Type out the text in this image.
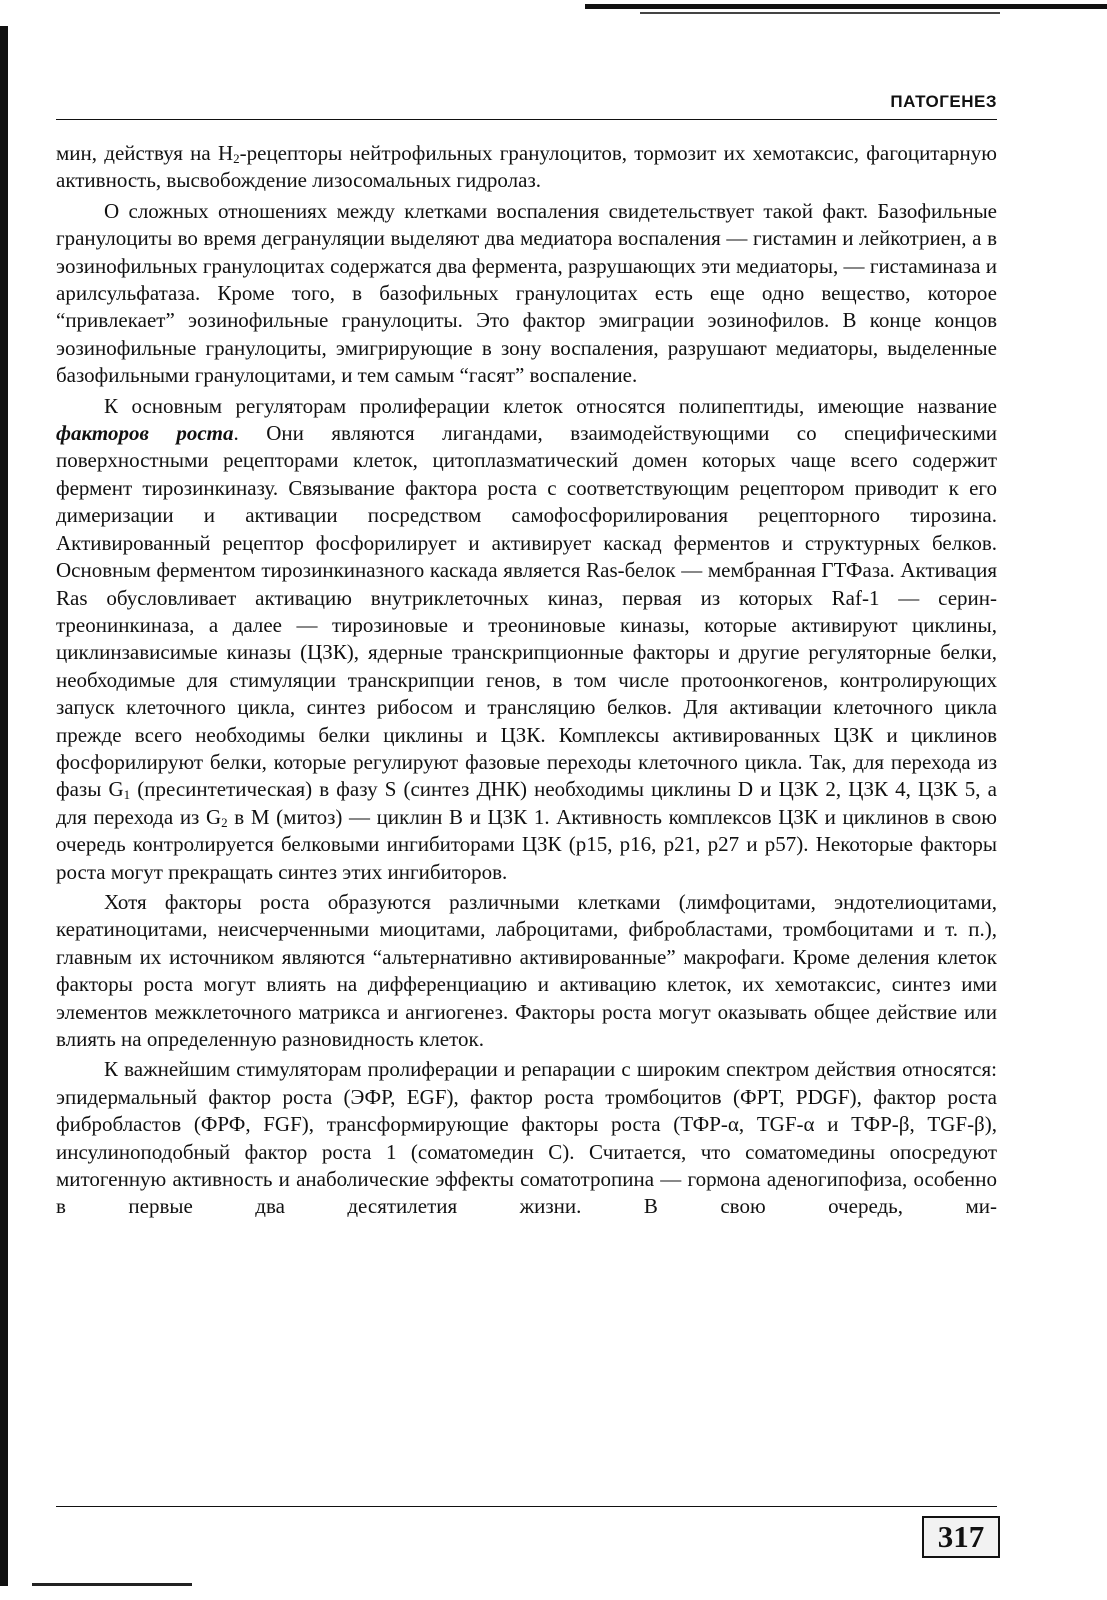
ПАТОГЕНЕЗ

мин, действуя на $H_2$-рецепторы нейтрофильных гранулоцитов, тормозит их хемотаксис, фагоцитарную активность, высвобождение лизосомальных гидролаз.

О сложных отношениях между клетками воспаления свидетельствует такой факт. Базофильные гранулоциты во время дегрануляции выделяют два медиатора воспаления — гистамин и лейкотриен, а в эозинофильных гранулоцитах содержатся два фермента, разрушающих эти медиаторы, — гистаминаза и арилсульфатаза. Кроме того, в базофильных гранулоцитах есть еще одно вещество, которое “привлекает” эозинофильные гранулоциты. Это фактор эмиграции эозинофилов. В конце концов эозинофильные гранулоциты, эмигрирующие в зону воспаления, разрушают медиаторы, выделенные базофильными гранулоцитами, и тем самым “гасят” воспаление.

К основным регуляторам пролиферации клеток относятся полипептиды, имеющие название факторов роста. Они являются лигандами, взаимодействующими со специфическими поверхностными рецепторами клеток, цитоплазматический домен которых чаще всего содержит фермент тирозинкиназу. Связывание фактора роста с соответствующим рецептором приводит к его димеризации и активации посредством самофосфорилирования рецепторного тирозина. Активированный рецептор фосфорилирует и активирует каскад ферментов и структурных белков. Основным ферментом тирозинкиназного каскада является Ras-белок — мембранная ГТФаза. Активация Ras обусловливает активацию внутриклеточных киназ, первая из которых Raf-1 — серин-треонинкиназа, а далее — тирозиновые и треониновые киназы, которые активируют циклины, циклинзависимые киназы (ЦЗК), ядерные транскрипционные факторы и другие регуляторные белки, необходимые для стимуляции транскрипции генов, в том числе протоонкогенов, контролирующих запуск клеточного цикла, синтез рибосом и трансляцию белков. Для активации клеточного цикла прежде всего необходимы белки циклины и ЦЗК. Комплексы активированных ЦЗК и циклинов фосфорилируют белки, которые регулируют фазовые переходы клеточного цикла. Так, для перехода из фазы $G_1$ (пресинтетическая) в фазу S (синтез ДНК) необходимы циклины D и ЦЗК 2, ЦЗК 4, ЦЗК 5, а для перехода из $G_2$ в M (митоз) — циклин B и ЦЗК 1. Активность комплексов ЦЗК и циклинов в свою очередь контролируется белковыми ингибиторами ЦЗК (p15, p16, p21, p27 и p57). Некоторые факторы роста могут прекращать синтез этих ингибиторов.

Хотя факторы роста образуются различными клетками (лимфоцитами, эндотелиоцитами, кератиноцитами, неисчерченными миоцитами, лаброцитами, фибробластами, тромбоцитами и т. п.), главным их источником являются “альтернативно активированные” макрофаги. Кроме деления клеток факторы роста могут влиять на дифференциацию и активацию клеток, их хемотаксис, синтез ими элементов межклеточного матрикса и ангиогенез. Факторы роста могут оказывать общее действие или влиять на определенную разновидность клеток.

К важнейшим стимуляторам пролиферации и репарации с широким спектром действия относятся: эпидермальный фактор роста (ЭФР, EGF), фактор роста тромбоцитов (ФРТ, PDGF), фактор роста фибробластов (ФРФ, FGF), трансформирующие факторы роста (ТФР-α, TGF-α и ТФР-β, TGF-β), инсулиноподобный фактор роста 1 (соматомедин C). Считается, что соматомедины опосредуют митогенную активность и анаболические эффекты соматотропина — гормона аденогипофиза, особенно в первые два десятилетия жизни. В свою очередь, ми-

317
